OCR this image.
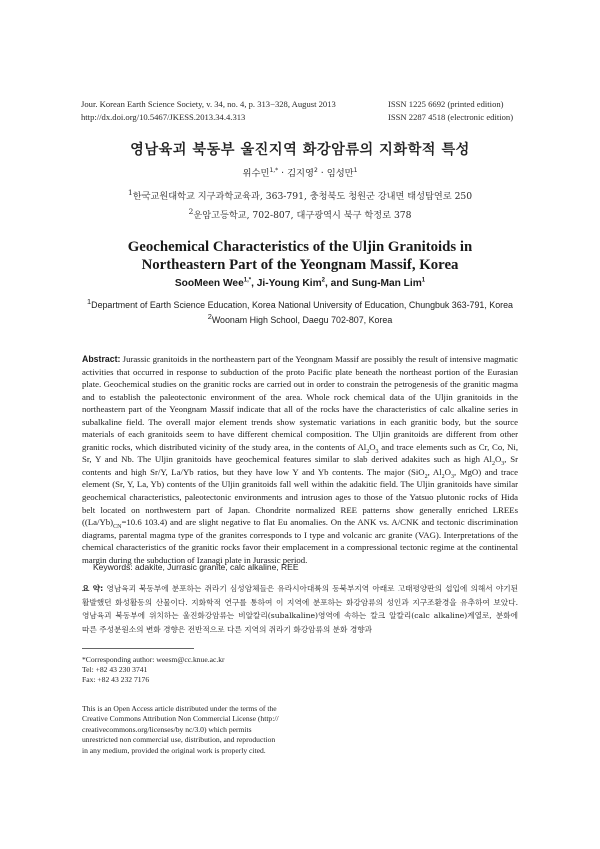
Jour. Korean Earth Science Society, v. 34, no. 4, p. 313−328, August 2013
http://dx.doi.org/10.5467/JKESS.2013.34.4.313
ISSN 1225 6692 (printed edition)
ISSN 2287 4518 (electronic edition)
영남육괴 북동부 울진지역 화강암류의 지화학적 특성
위수민$^{1,*}$ · 김지영$^2$ · 임성만$^1$
$^1$한국교원대학교 지구과학교육과, 363-791, 충청북도 청원군 강내면 태성탑연로 250
$^2$운암고등학교, 702-807, 대구광역시 북구 학정로 378
Geochemical Characteristics of the Uljin Granitoids in
Northeastern Part of the Yeongnam Massif, Korea
SooMeen Wee$^{1,*}$, Ji-Young Kim$^2$, and Sung-Man Lim$^1$
$^1$Department of Earth Science Education, Korea National University of Education, Chungbuk 363-791, Korea
$^2$Woonam High School, Daegu 702-807, Korea
Abstract: Jurassic granitoids in the northeastern part of the Yeongnam Massif are possibly the result of intensive magmatic activities that occurred in response to subduction of the proto Pacific plate beneath the northeast portion of the Eurasian plate. Geochemical studies on the granitic rocks are carried out in order to constrain the petrogenesis of the granitic magma and to establish the paleotectonic environment of the area. Whole rock chemical data of the Uljin granitoids in the northeastern part of the Yeongnam Massif indicate that all of the rocks have the characteristics of calc alkaline series in subalkaline field. The overall major element trends show systematic variations in each granitic body, but the source materials of each granitoids seem to have different chemical composition. The Uljin granitoids are different from other granitic rocks, which distributed vicinity of the study area, in the contents of $Al_2O_3$ and trace elements such as Cr, Co, Ni, Sr, Y and Nb. The Uljin granitoids have geochemical features similar to slab derived adakites such as high $Al_2O_3$, Sr contents and high Sr/Y, La/Yb ratios, but they have low Y and Yb contents. The major (SiO$_2$, $Al_2O_3$, MgO) and trace element (Sr, Y, La, Yb) contents of the Uljin granitoids fall well within the adakitic field. The Uljin granitoids have similar geochemical characteristics, paleotectonic environments and intrusion ages to those of the Yatsuo plutonic rocks of Hida belt located on northwestern part of Japan. Chondrite normalized REE patterns show generally enriched LREEs ($(La/Yb)_{CN}=10.6$ 103.4) and are slight negative to flat Eu anomalies. On the ANK vs. A/CNK and tectonic discrimination diagrams, parental magma type of the granites corresponds to I type and volcanic arc granite (VAG). Interpretations of the chemical characteristics of the granitic rocks favor their emplacement in a compressional tectonic regime at the continental margin during the subduction of Izanagi plate in Jurassic period.
Keywords: adakite, Jurrasic granite, calc alkaline, REE
요 약: 영남육괴 북동부에 분포하는 쥐라기 심성암체들은 유라시아대륙의 동북부지역 아래로 고태평양판의 섭입에 의해서 야기된 활발했던 화성활동의 산물이다. 지화학적 연구를 통하여 이 지역에 분포하는 화강암류의 성인과 지구조환경을 유추하여 보았다. 영남육괴 북동부에 위치하는 울진화강암류는 비알칼리(subalkaline)영역에 속하는 칼크 알칼리(calc alkaline)계열로, 분화에 따른 주성분원소의 변화 경향은 전반적으로 다른 지역의 쥐라기 화강암류의 분화 경향과
*Corresponding author: weesm@cc.knue.ac.kr
Tel: +82 43 230 3741
Fax: +82 43 232 7176
This is an Open Access article distributed under the terms of the Creative Commons Attribution Non Commercial License (http:// creativecommons.org/licenses/by nc/3.0) which permits unrestricted non commercial use, distribution, and reproduction in any medium, provided the original work is properly cited.
